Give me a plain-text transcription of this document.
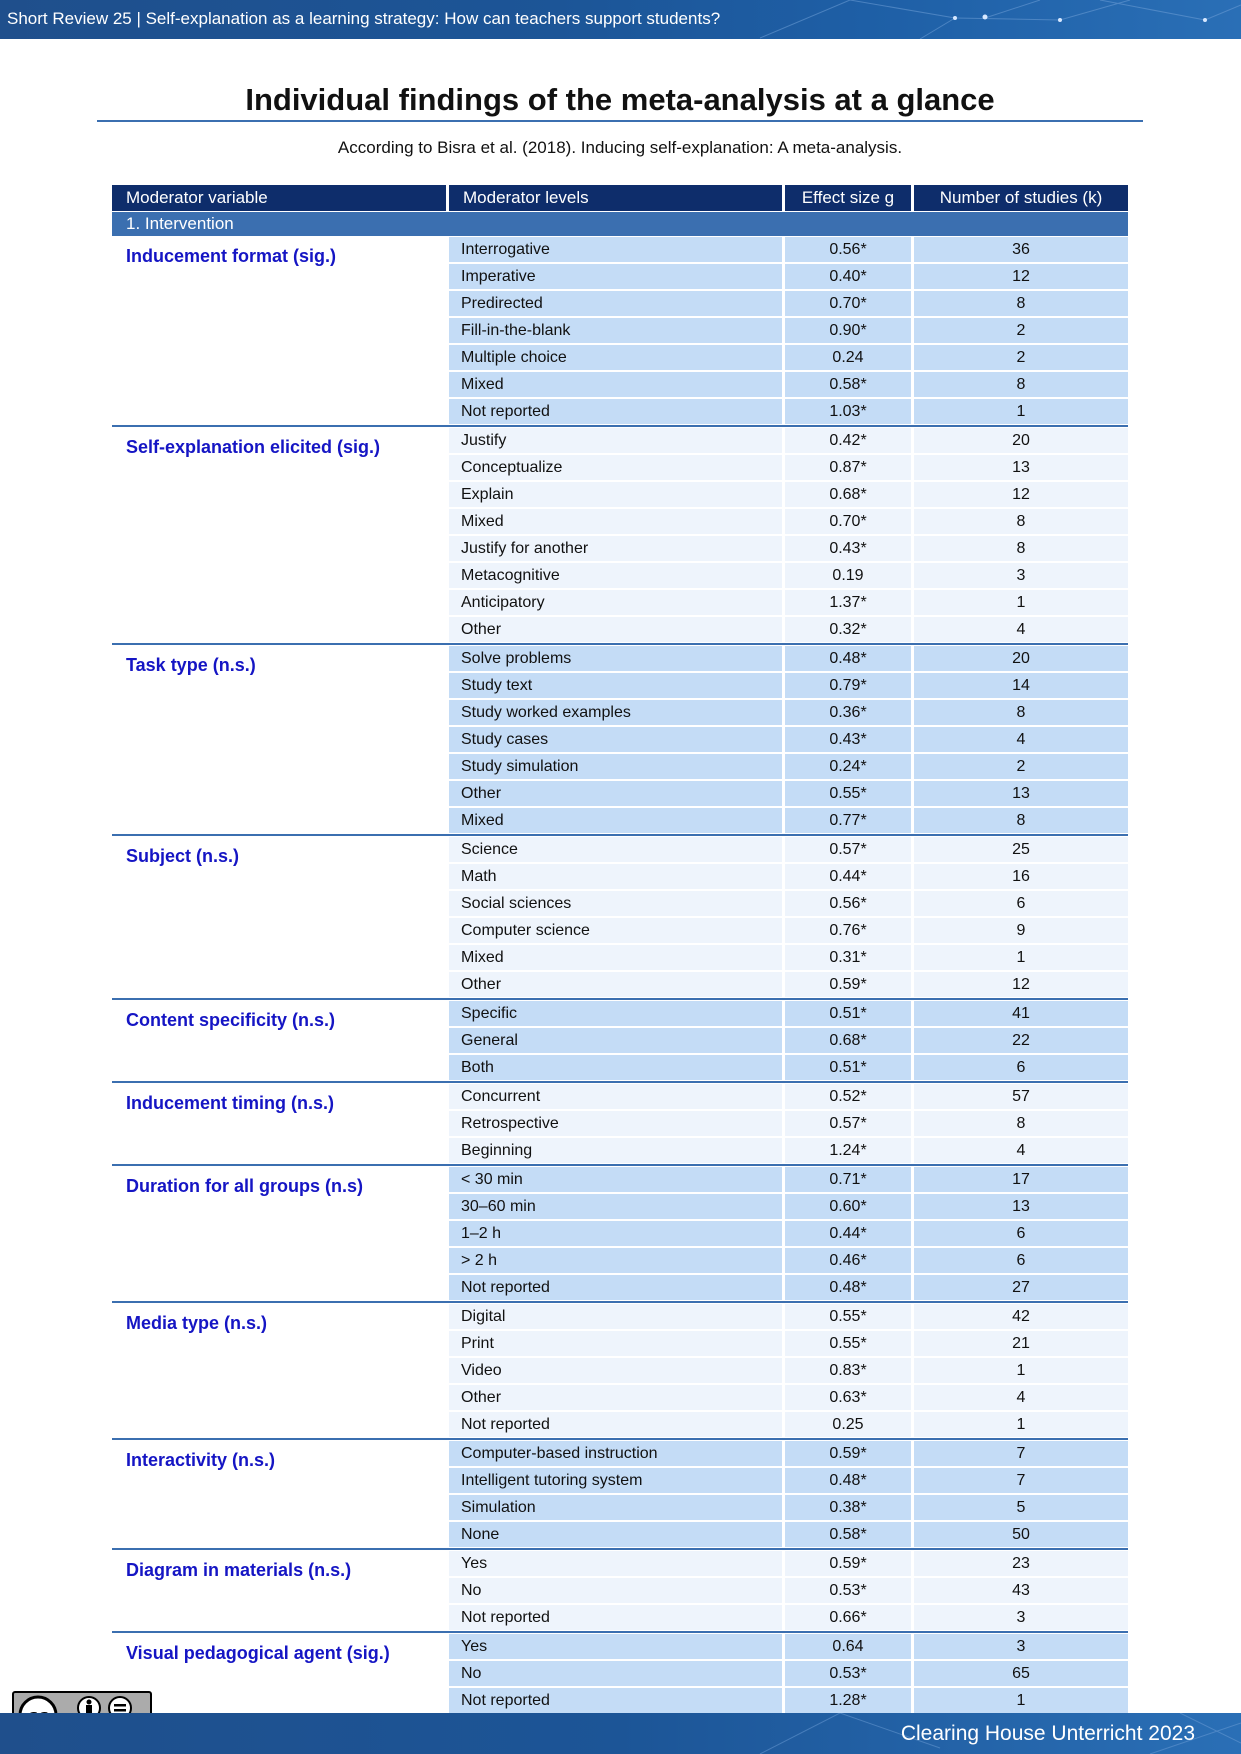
Short Review 25 | Self-explanation as a learning strategy: How can teachers support students?
Individual findings of the meta-analysis at a glance
According to Bisra et al. (2018). Inducing self-explanation: A meta-analysis.
Moderator variable	Moderator levels	Effect size g	Number of studies (k)
1. Intervention
Inducement format (sig.)	Interrogative	0.56*	36
Imperative	0.40*	12
Predirected	0.70*	8
Fill-in-the-blank	0.90*	2
Multiple choice	0.24	2
Mixed	0.58*	8
Not reported	1.03*	1
Self-explanation elicited (sig.)	Justify	0.42*	20
Conceptualize	0.87*	13
Explain	0.68*	12
Mixed	0.70*	8
Justify for another	0.43*	8
Metacognitive	0.19	3
Anticipatory	1.37*	1
Other	0.32*	4
Task type (n.s.)	Solve problems	0.48*	20
Study text	0.79*	14
Study worked examples	0.36*	8
Study cases	0.43*	4
Study simulation	0.24*	2
Other	0.55*	13
Mixed	0.77*	8
Subject (n.s.)	Science	0.57*	25
Math	0.44*	16
Social sciences	0.56*	6
Computer science	0.76*	9
Mixed	0.31*	1
Other	0.59*	12
Content specificity (n.s.)	Specific	0.51*	41
General	0.68*	22
Both	0.51*	6
Inducement timing (n.s.)	Concurrent	0.52*	57
Retrospective	0.57*	8
Beginning	1.24*	4
Duration for all groups (n.s)	< 30 min	0.71*	17
30–60 min	0.60*	13
1–2 h	0.44*	6
> 2 h	0.46*	6
Not reported	0.48*	27
Media type (n.s.)	Digital	0.55*	42
Print	0.55*	21
Video	0.83*	1
Other	0.63*	4
Not reported	0.25	1
Interactivity (n.s.)	Computer-based instruction	0.59*	7
Intelligent tutoring system	0.48*	7
Simulation	0.38*	5
None	0.58*	50
Diagram in materials (n.s.)	Yes	0.59*	23
No	0.53*	43
Not reported	0.66*	3
Visual pedagogical agent (sig.)	Yes	0.64	3
No	0.53*	65
Not reported	1.28*	1
Clearing House Unterricht 2023
